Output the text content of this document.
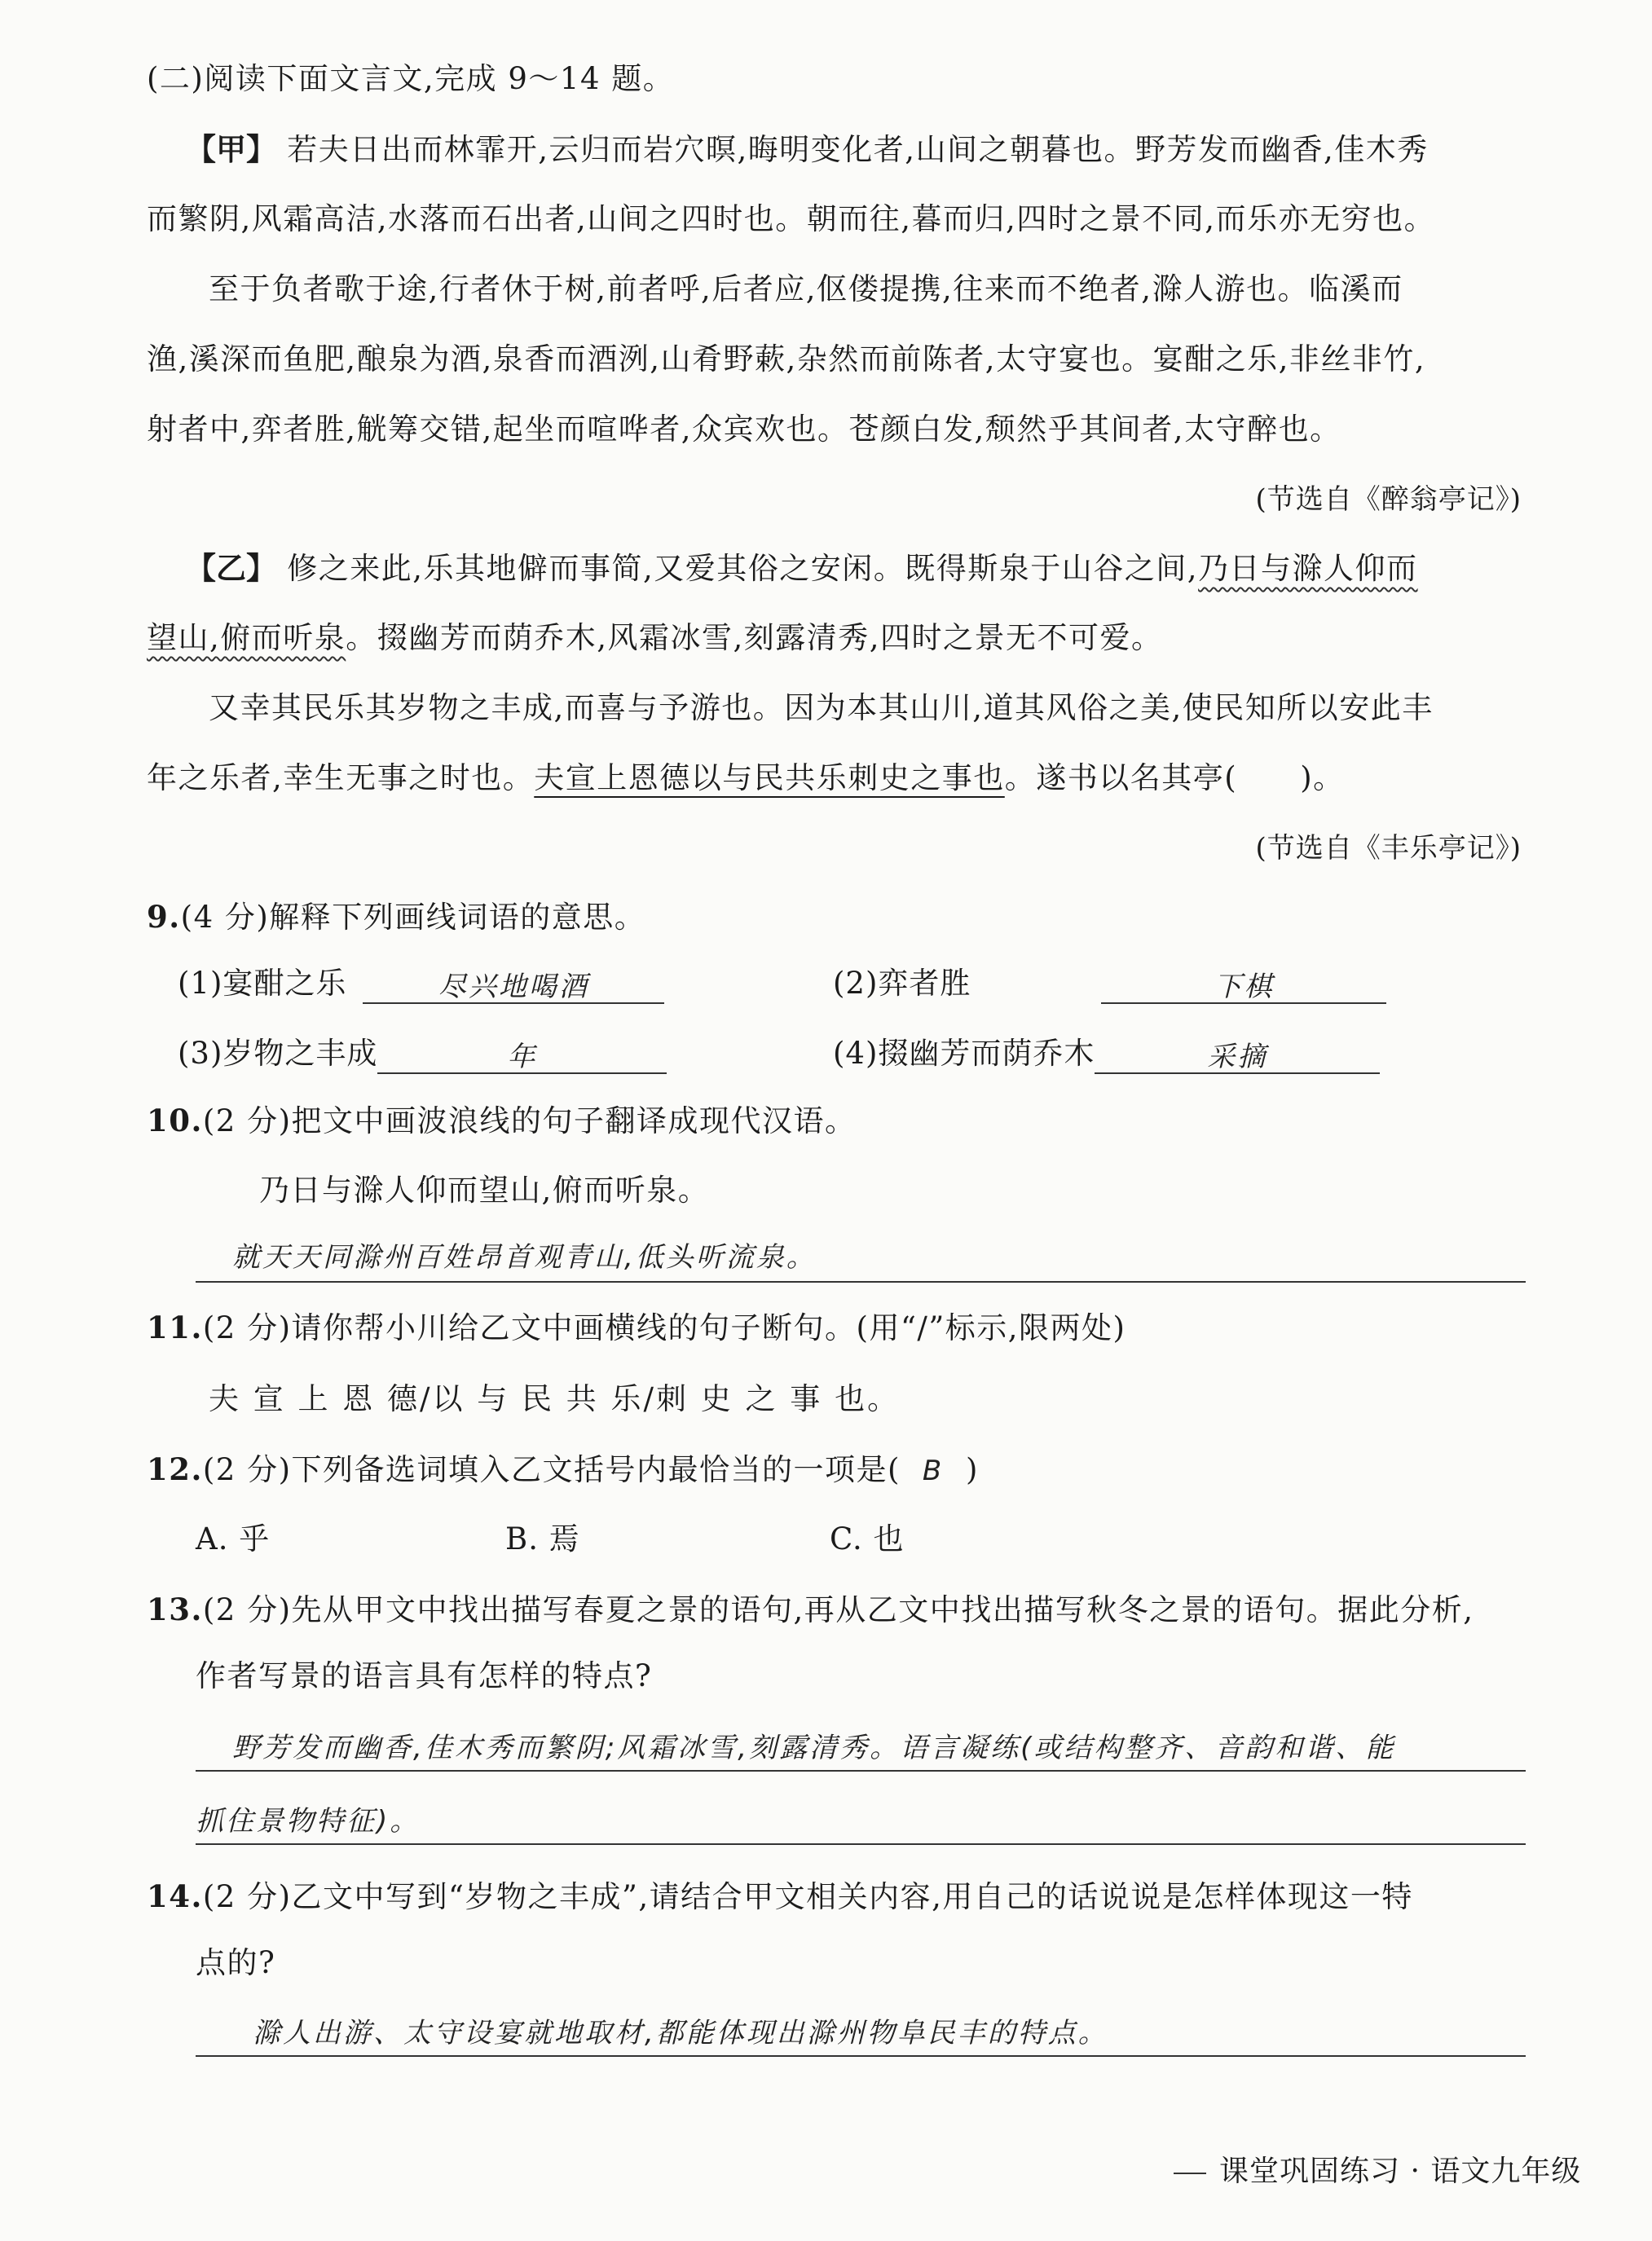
(二)阅读下面文言文,完成 9～14 题。
【甲】 若夫日出而林霏开,云归而岩穴暝,晦明变化者,山间之朝暮也。野芳发而幽香,佳木秀
而繁阴,风霜高洁,水落而石出者,山间之四时也。朝而往,暮而归,四时之景不同,而乐亦无穷也。
至于负者歌于途,行者休于树,前者呼,后者应,伛偻提携,往来而不绝者,滁人游也。临溪而
渔,溪深而鱼肥,酿泉为酒,泉香而酒洌,山肴野蔌,杂然而前陈者,太守宴也。宴酣之乐,非丝非竹,
射者中,弈者胜,觥筹交错,起坐而喧哗者,众宾欢也。苍颜白发,颓然乎其间者,太守醉也。
(节选自《醉翁亭记》)
【乙】 修之来此,乐其地僻而事简,又爱其俗之安闲。既得斯泉于山谷之间,乃日与滁人仰而
望山,俯而听泉。掇幽芳而荫乔木,风霜冰雪,刻露清秀,四时之景无不可爱。
又幸其民乐其岁物之丰成,而喜与予游也。因为本其山川,道其风俗之美,使民知所以安此丰
年之乐者,幸生无事之时也。夫宣上恩德以与民共乐刺史之事也。遂书以名其亭(　　)。
(节选自《丰乐亭记》)
9.(4 分)解释下列画线词语的意思。
(1)宴酣之乐	尽兴地喝酒	(2)弈者胜	下棋
(3)岁物之丰成	年	(4)掇幽芳而荫乔木	采摘
10.(2 分)把文中画波浪线的句子翻译成现代汉语。
乃日与滁人仰而望山,俯而听泉。
就天天同滁州百姓昂首观青山,低头听流泉。
11.(2 分)请你帮小川给乙文中画横线的句子断句。(用“/”标示,限两处)
夫 宣 上 恩 德/以 与 民 共 乐/刺 史 之 事 也。
12.(2 分)下列备选词填入乙文括号内最恰当的一项是( B )
A. 乎	B. 焉	C. 也
13.(2 分)先从甲文中找出描写春夏之景的语句,再从乙文中找出描写秋冬之景的语句。据此分析,
作者写景的语言具有怎样的特点?
野芳发而幽香,佳木秀而繁阴;风霜冰雪,刻露清秀。语言凝练(或结构整齐、音韵和谐、能
抓住景物特征)。
14.(2 分)乙文中写到“岁物之丰成”,请结合甲文相关内容,用自己的话说说是怎样体现这一特
点的?
滁人出游、太守设宴就地取材,都能体现出滁州物阜民丰的特点。
课堂巩固练习 · 语文九年级
